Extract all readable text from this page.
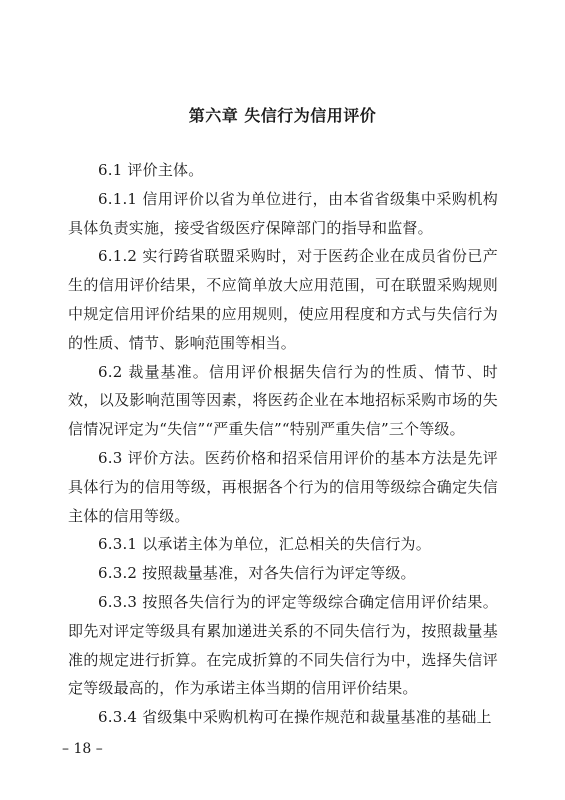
第六章 失信行为信用评价

6.1 评价主体。

6.1.1 信用评价以省为单位进行，由本省省级集中采购机构具体负责实施，接受省级医疗保障部门的指导和监督。

6.1.2 实行跨省联盟采购时，对于医药企业在成员省份已产生的信用评价结果，不应简单放大应用范围，可在联盟采购规则中规定信用评价结果的应用规则，使应用程度和方式与失信行为的性质、情节、影响范围等相当。

6.2 裁量基准。信用评价根据失信行为的性质、情节、时效，以及影响范围等因素，将医药企业在本地招标采购市场的失信情况评定为“失信”“严重失信”“特别严重失信”三个等级。

6.3 评价方法。医药价格和招采信用评价的基本方法是先评具体行为的信用等级，再根据各个行为的信用等级综合确定失信主体的信用等级。

6.3.1 以承诺主体为单位，汇总相关的失信行为。

6.3.2 按照裁量基准，对各失信行为评定等级。

6.3.3 按照各失信行为的评定等级综合确定信用评价结果。即先对评定等级具有累加递进关系的不同失信行为，按照裁量基准的规定进行折算。在完成折算的不同失信行为中，选择失信评定等级最高的，作为承诺主体当期的信用评价结果。

6.3.4 省级集中采购机构可在操作规范和裁量基准的基础上

– 18 –
